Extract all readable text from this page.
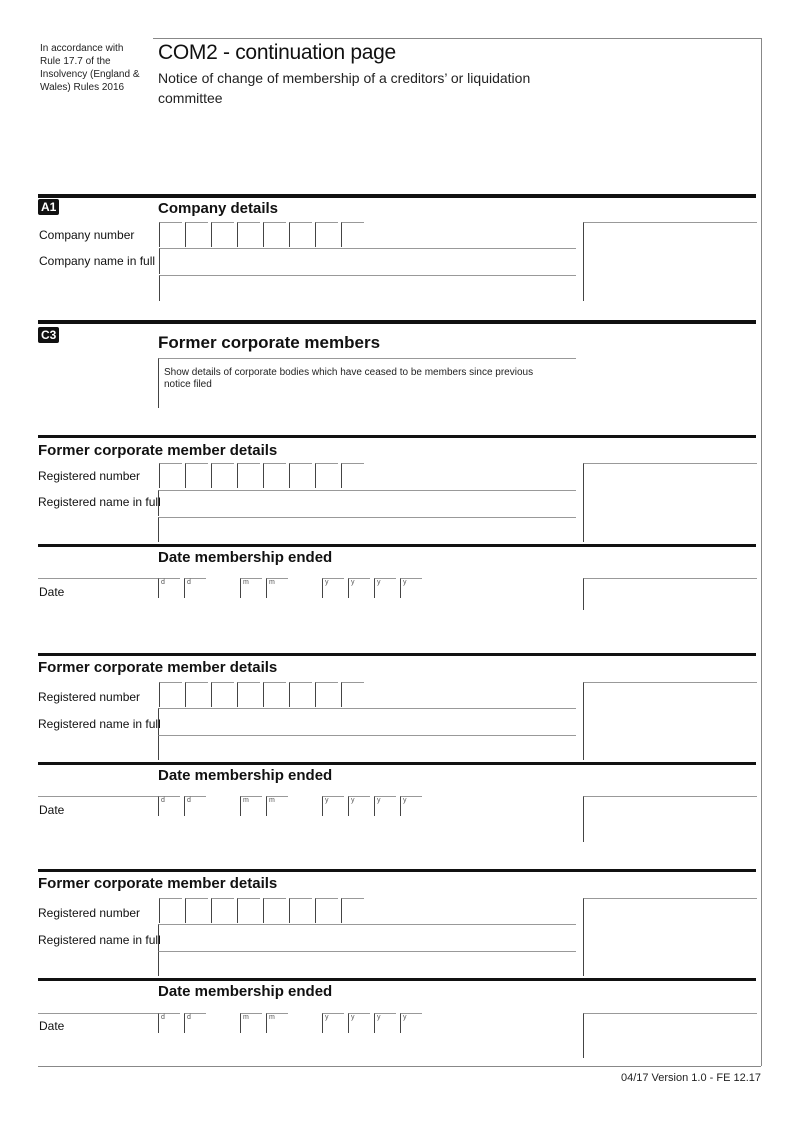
In accordance with Rule 17.7 of the Insolvency (England & Wales) Rules 2016
COM2 - continuation page
Notice of change of membership of a creditors’ or liquidation committee
A1	Company details
Company number
Company name in full
C3	Former corporate members
Show details of corporate bodies which have ceased to be members since previous notice filed
Former corporate member details
Registered number
Registered name in full
Date membership ended
Date
d	d	m	m	y	y	y	y
Former corporate member details
Registered number
Registered name in full
Date membership ended
Date
d	d	m	m	y	y	y	y
Former corporate member details
Registered number
Registered name in full
Date membership ended
Date
d	d	m	m	y	y	y	y
04/17 Version 1.0 - FE 12.17
